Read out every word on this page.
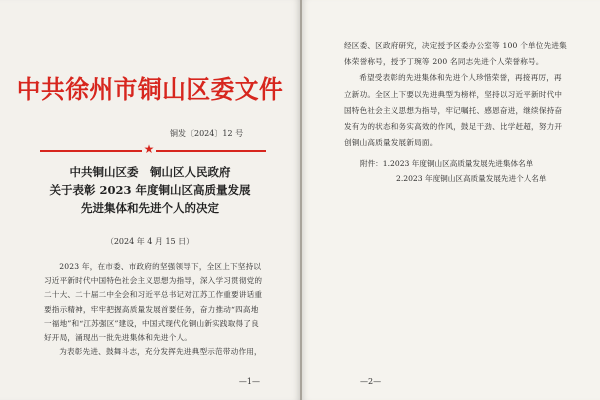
中共徐州市铜山区委文件
铜发〔2024〕12 号
★
中共铜山区委　铜山区人民政府
关于表彰 2023 年度铜山区高质量发展
先进集体和先进个人的决定
（2024 年 4 月 15 日）

2023 年，在市委、市政府的坚强领导下，全区上下坚持以习近平新时代中国特色社会主义思想为指导，深入学习贯彻党的二十大、二十届二中全会和习近平总书记对江苏工作重要讲话重要指示精神，牢牢把握高质量发展首要任务，奋力推动“四高地一福地”和“江苏强区”建设，中国式现代化铜山新实践取得了良好开局，涌现出一批先进集体和先进个人。

为表彰先进、鼓舞斗志，充分发挥先进典型示范带动作用，

—1—

经区委、区政府研究，决定授予区委办公室等 100 个单位先进集体荣誉称号，授予丁琬等 200 名同志先进个人荣誉称号。

希望受表彰的先进集体和先进个人珍惜荣誉，再接再厉，再立新功。全区上下要以先进典型为榜样，坚持以习近平新时代中国特色社会主义思想为指导，牢记嘱托、感恩奋进，继续保持奋发有为的状态和务实高效的作风，鼓足干劲、比学赶超，努力开创铜山高质量发展新局面。

附件：1.2023 年度铜山区高质量发展先进集体名单
2.2023 年度铜山区高质量发展先进个人名单
—2—
